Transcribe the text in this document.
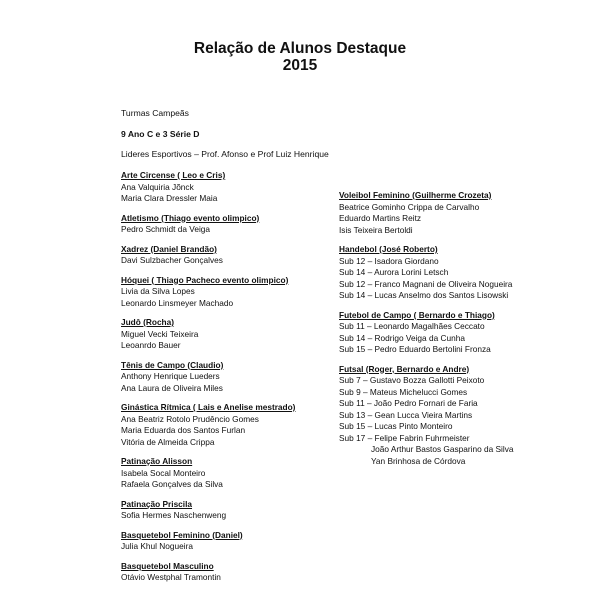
Relação de Alunos Destaque
2015
Turmas Campeãs
9 Ano C e 3 Série D
Lideres Esportivos – Prof. Afonso e Prof Luiz Henrique
Arte Circense ( Leo e Cris)
Ana Valquiria Jõnck
Maria Clara Dressler Maia
Atletismo (Thiago evento olimpico)
Pedro Schmidt da Veiga
Xadrez (Daniel Brandão)
Davi Sulzbacher Gonçalves
Hóquei ( Thiago Pacheco evento olimpico)
Livia da Silva Lopes
Leonardo Linsmeyer Machado
Judô (Rocha)
Miguel Vecki Teixeira
Leoanrdo Bauer
Tênis de Campo (Claudio)
Anthony Henrique Lueders
Ana Laura de Oliveira Miles
Ginástica Rítmica ( Lais e Anelise mestrado)
Ana Beatriz Rotolo Prudêncio Gomes
Maria Eduarda dos Santos Furlan
Vitória de Almeida Crippa
Patinação Alisson
Isabela Socal Monteiro
Rafaela Gonçalves da Silva
Patinação Priscila
Sofia Hermes Naschenweng
Basquetebol Feminino (Daniel)
Julia Khul Nogueira
Basquetebol Masculino
Otávio Westphal Tramontin
Voleibol Feminino (Guilherme Crozeta)
Beatrice Gominho Crippa de Carvalho
Eduardo Martins Reitz
Isis Teixeira Bertoldi
Handebol (José Roberto)
Sub 12 – Isadora Giordano
Sub 14 – Aurora Lorini Letsch
Sub 12 – Franco Magnani de Oliveira Nogueira
Sub 14 – Lucas Anselmo dos Santos Lisowski
Futebol de Campo ( Bernardo e Thiago)
Sub 11 – Leonardo Magalhães Ceccato
Sub 14 – Rodrigo Veiga da Cunha
Sub 15 – Pedro Eduardo Bertolini Fronza
Futsal (Roger, Bernardo e Andre)
Sub 7 – Gustavo Bozza Gallotti Peixoto
Sub 9 – Mateus Michelucci Gomes
Sub 11 – João Pedro Fornari de Faria
Sub 13 – Gean Lucca Vieira Martins
Sub 15 – Lucas Pinto Monteiro
Sub 17 – Felipe Fabrin Fuhrmeister
João Arthur Bastos Gasparino da Silva
Yan Brinhosa de Córdova
